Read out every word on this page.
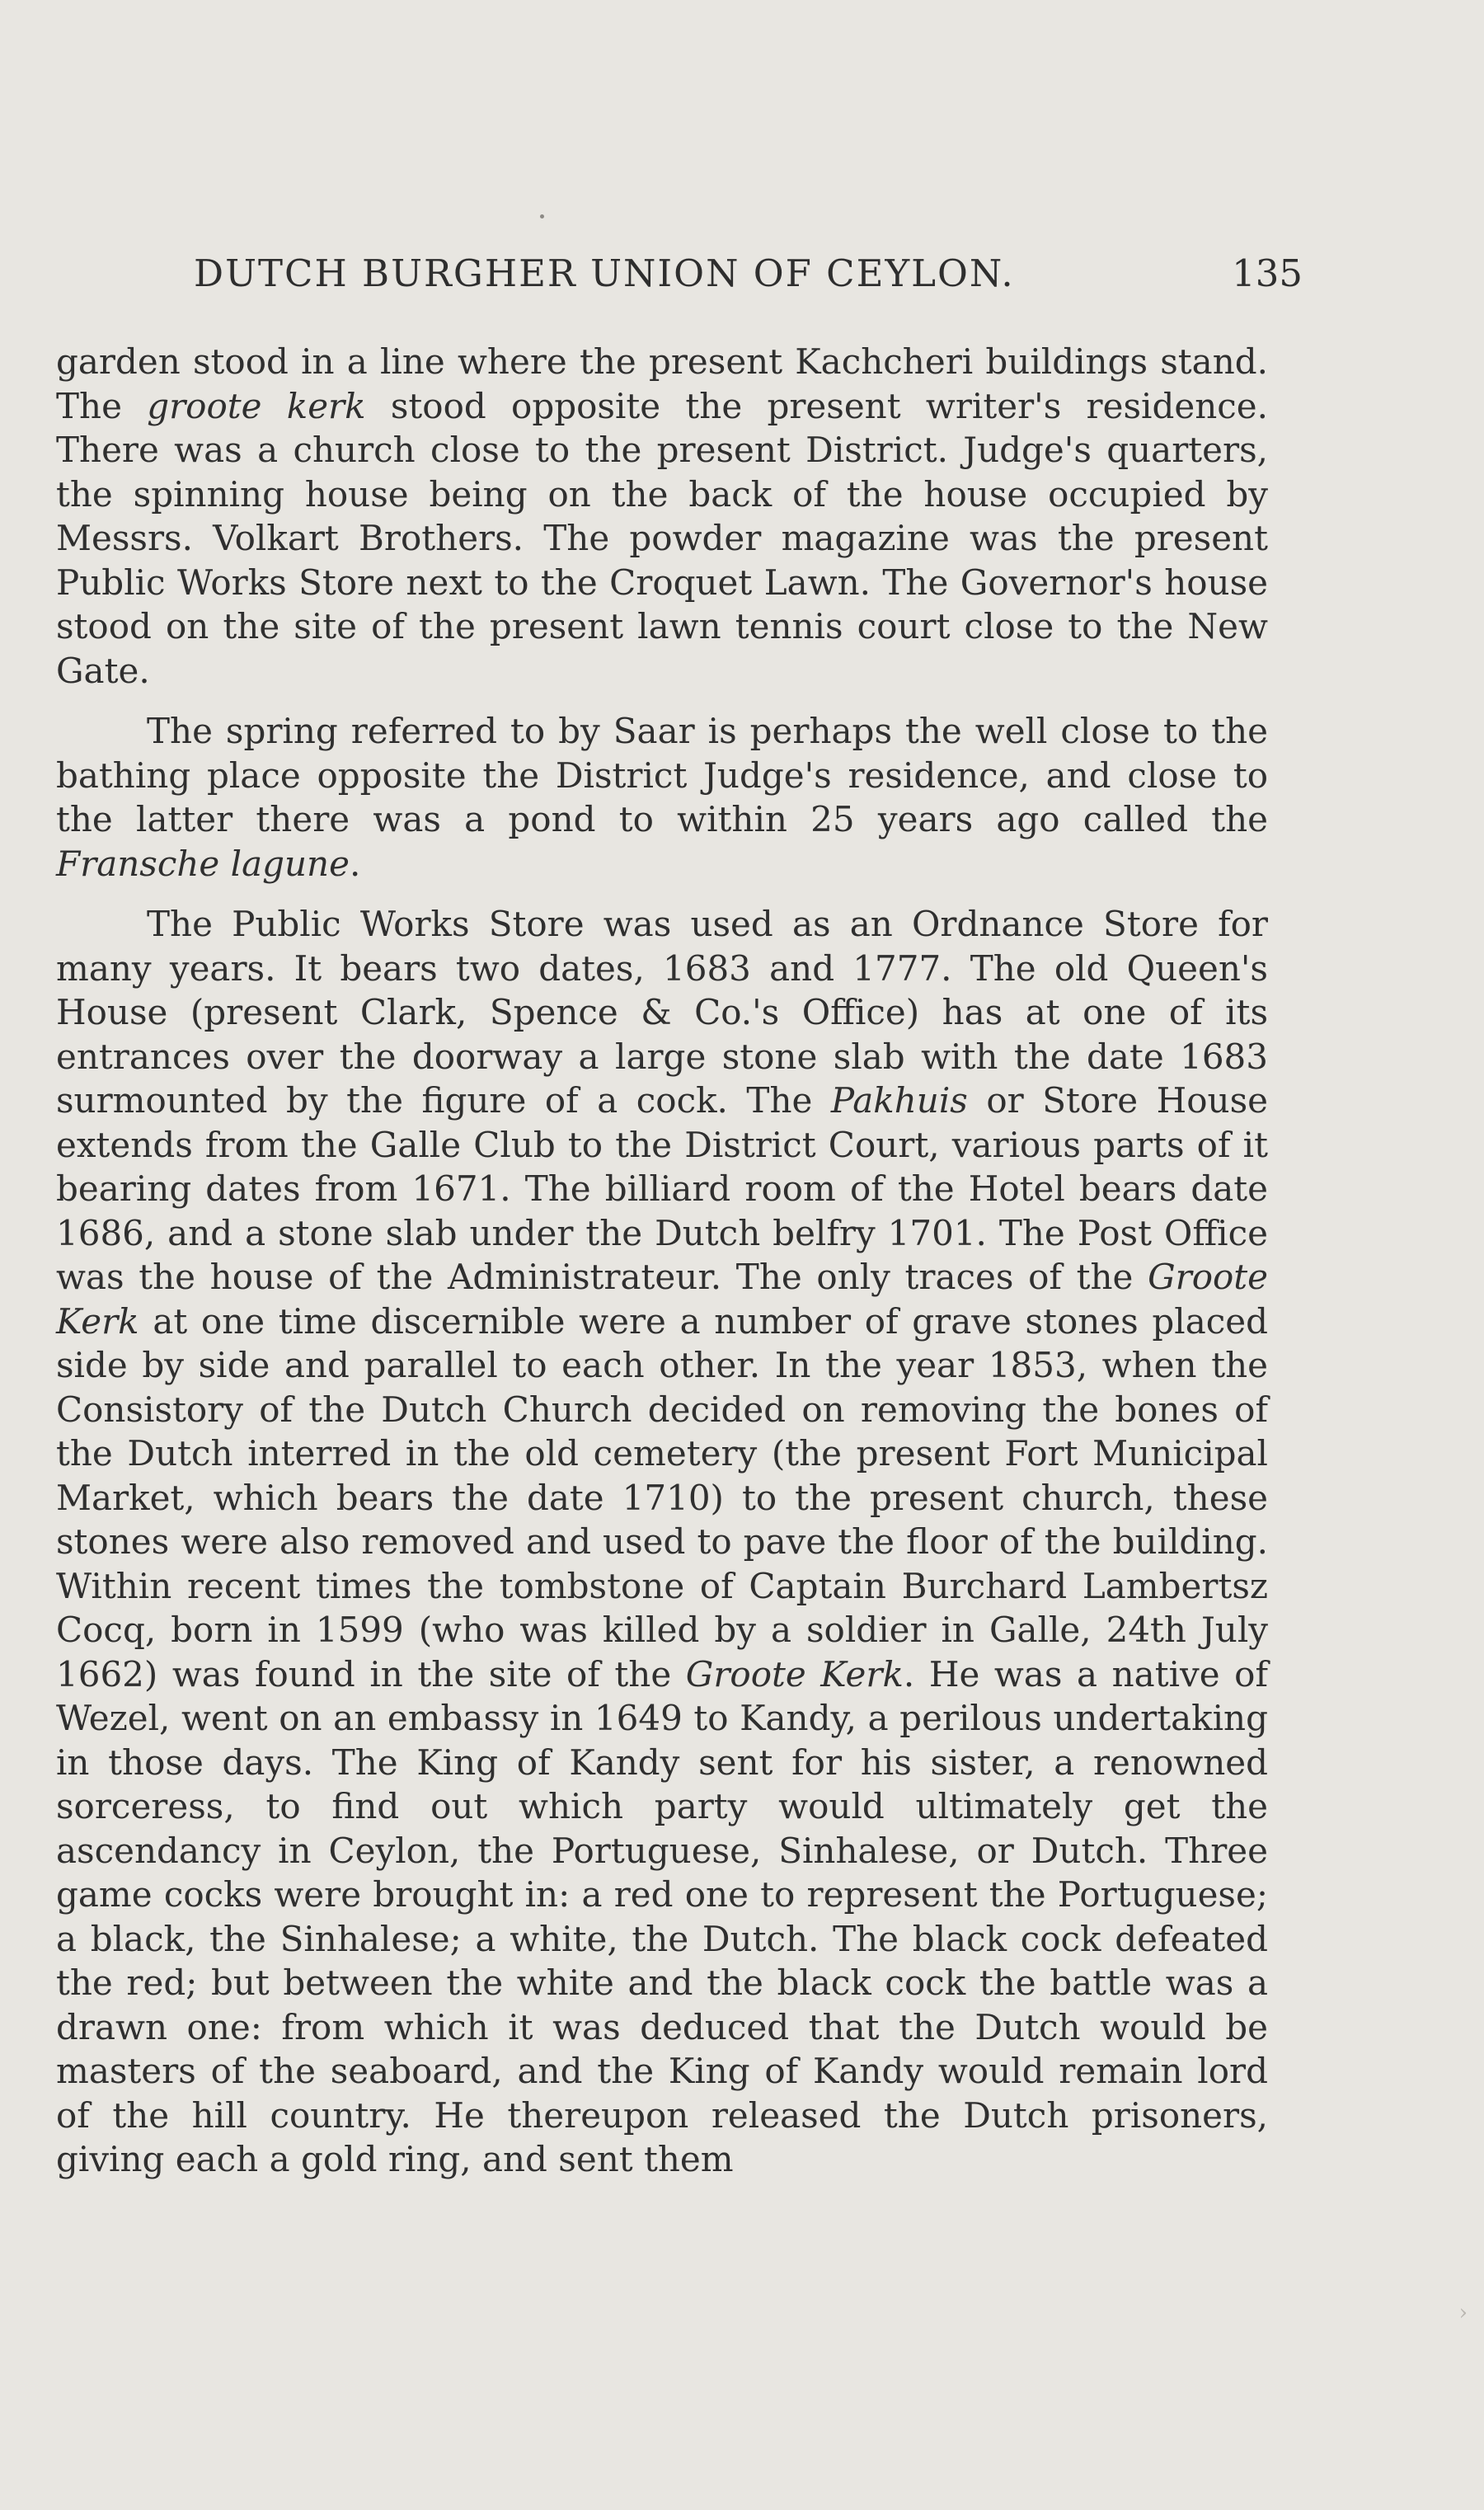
DUTCH BURGHER UNION OF CEYLON.	135

garden stood in a line where the present Kachcheri buildings stand. The groote kerk stood opposite the present writer's residence. There was a church close to the present District. Judge's quarters, the spinning house being on the back of the house occupied by Messrs. Volkart Brothers. The powder magazine was the present Public Works Store next to the Croquet Lawn. The Governor's house stood on the site of the present lawn tennis court close to the New Gate.

The spring referred to by Saar is perhaps the well close to the bathing place opposite the District Judge's residence, and close to the latter there was a pond to within 25 years ago called the Fransche lagune.

The Public Works Store was used as an Ordnance Store for many years. It bears two dates, 1683 and 1777. The old Queen's House (present Clark, Spence & Co.'s Office) has at one of its entrances over the doorway a large stone slab with the date 1683 surmounted by the figure of a cock. The Pakhuis or Store House extends from the Galle Club to the District Court, various parts of it bearing dates from 1671. The billiard room of the Hotel bears date 1686, and a stone slab under the Dutch belfry 1701. The Post Office was the house of the Administrateur. The only traces of the Groote Kerk at one time discernible were a number of grave stones placed side by side and parallel to each other. In the year 1853, when the Consistory of the Dutch Church decided on removing the bones of the Dutch interred in the old cemetery (the present Fort Municipal Market, which bears the date 1710) to the present church, these stones were also removed and used to pave the floor of the building. Within recent times the tombstone of Captain Burchard Lambertsz Cocq, born in 1599 (who was killed by a soldier in Galle, 24th July 1662) was found in the site of the Groote Kerk. He was a native of Wezel, went on an embassy in 1649 to Kandy, a perilous undertaking in those days. The King of Kandy sent for his sister, a renowned sorceress, to find out which party would ultimately get the ascendancy in Ceylon, the Portuguese, Sinhalese, or Dutch. Three game cocks were brought in: a red one to represent the Portuguese; a black, the Sinhalese; a white, the Dutch. The black cock defeated the red; but between the white and the black cock the battle was a drawn one: from which it was deduced that the Dutch would be masters of the seaboard, and the King of Kandy would remain lord of the hill country. He thereupon released the Dutch prisoners, giving each a gold ring, and sent them

›
